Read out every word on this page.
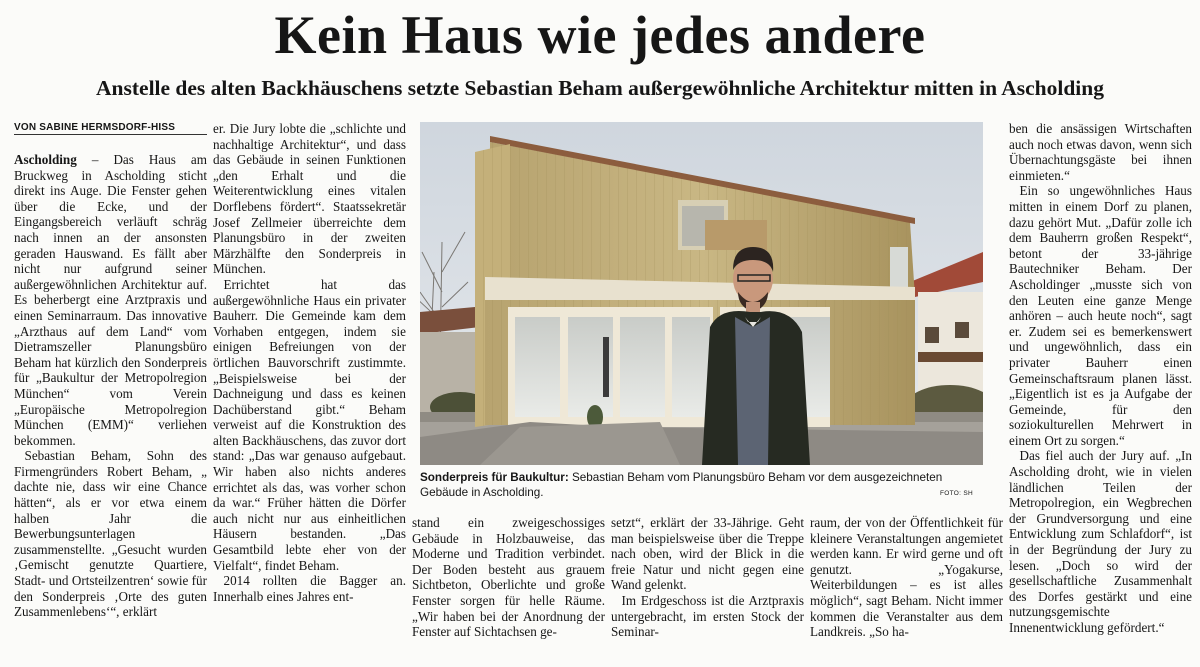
Kein Haus wie jedes andere
Anstelle des alten Backhäuschens setzte Sebastian Beham außergewöhnliche Architektur mitten in Ascholding
VON SABINE HERMSDORF-HISS

Ascholding – Das Haus am Bruckweg in Ascholding sticht direkt ins Auge. Die Fenster gehen über die Ecke, und der Eingangsbereich verläuft schräg nach innen an der ansonsten geraden Hauswand. Es fällt aber nicht nur aufgrund seiner außergewöhnlichen Architektur auf. Es beherbergt eine Arztpraxis und einen Seminarraum. Das innovative „Arzthaus auf dem Land“ vom Dietramszeller Planungsbüro Beham hat kürzlich den Sonderpreis für „Baukultur der Metropolregion München“ vom Verein „Europäische Metropolregion München (EMM)“ verliehen bekommen.

Sebastian Beham, Sohn des Firmengründers Robert Beham, „ dachte nie, dass wir eine Chance hätten“, als er vor etwa einem halben Jahr die Bewerbungsunterlagen zusammenstellte. „Gesucht wurden ‚Gemischt genutzte Quartiere, Stadt- und Ortsteilzentren‘ sowie für den Sonderpreis ‚Orte des guten Zusammenlebens‘“, erklärt

er. Die Jury lobte die „schlichte und nachhaltige Architektur“, und dass das Gebäude in seinen Funktionen „den Erhalt und die Weiterentwicklung eines vitalen Dorflebens fördert“. Staatssekretär Josef Zellmeier überreichte dem Planungsbüro in der zweiten Märzhälfte den Sonderpreis in München.

Errichtet hat das außergewöhnliche Haus ein privater Bauherr. Die Gemeinde kam dem Vorhaben entgegen, indem sie einigen Befreiungen von der örtlichen Bauvorschrift zustimmte. „Beispielsweise bei der Dachneigung und dass es keinen Dachüberstand gibt.“ Beham verweist auf die Konstruktion des alten Backhäuschens, das zuvor dort stand: „Das war genauso aufgebaut. Wir haben also nichts anderes errichtet als das, was vorher schon da war.“ Früher hätten die Dörfer auch nicht nur aus einheitlichen Häusern bestanden. „Das Gesamtbild lebte eher von der Vielfalt“, findet Beham.

2014 rollten die Bagger an. Innerhalb eines Jahres ent-

Sonderpreis für Baukultur: Sebastian Beham vom Planungsbüro Beham vor dem ausgezeichneten Gebäude in Ascholding.	FOTO: SH

stand ein zweigeschossiges Gebäude in Holzbauweise, das Moderne und Tradition verbindet. Der Boden besteht aus grauem Sichtbeton, Oberlichte und große Fenster sorgen für helle Räume. „Wir haben bei der Anordnung der Fenster auf Sichtachsen ge-

setzt“, erklärt der 33-Jährige. Geht man beispielsweise über die Treppe nach oben, wird der Blick in die freie Natur und nicht gegen eine Wand gelenkt.

Im Erdgeschoss ist die Arztpraxis untergebracht, im ersten Stock der Seminar-

raum, der von der Öffentlichkeit für kleinere Veranstaltungen angemietet werden kann. Er wird gerne und oft genutzt. „Yogakurse, Weiterbildungen – es ist alles möglich“, sagt Beham. Nicht immer kommen die Veranstalter aus dem Landkreis. „So ha-

ben die ansässigen Wirtschaften auch noch etwas davon, wenn sich Übernachtungsgäste bei ihnen einmieten.“

Ein so ungewöhnliches Haus mitten in einem Dorf zu planen, dazu gehört Mut. „Dafür zolle ich dem Bauherrn großen Respekt“, betont der 33-jährige Bautechniker Beham. Der Ascholdinger „musste sich von den Leuten eine ganze Menge anhören – auch heute noch“, sagt er. Zudem sei es bemerkenswert und ungewöhnlich, dass ein privater Bauherr einen Gemeinschaftsraum planen lässt. „Eigentlich ist es ja Aufgabe der Gemeinde, für den soziokulturellen Mehrwert in einem Ort zu sorgen.“

Das fiel auch der Jury auf. „In Ascholding droht, wie in vielen ländlichen Teilen der Metropolregion, ein Wegbrechen der Grundversorgung und eine Entwicklung zum Schlafdorf“, ist in der Begründung der Jury zu lesen. „Doch so wird der gesellschaftliche Zusammenhalt des Dorfes gestärkt und eine nutzungsgemischte Innenentwicklung gefördert.“
